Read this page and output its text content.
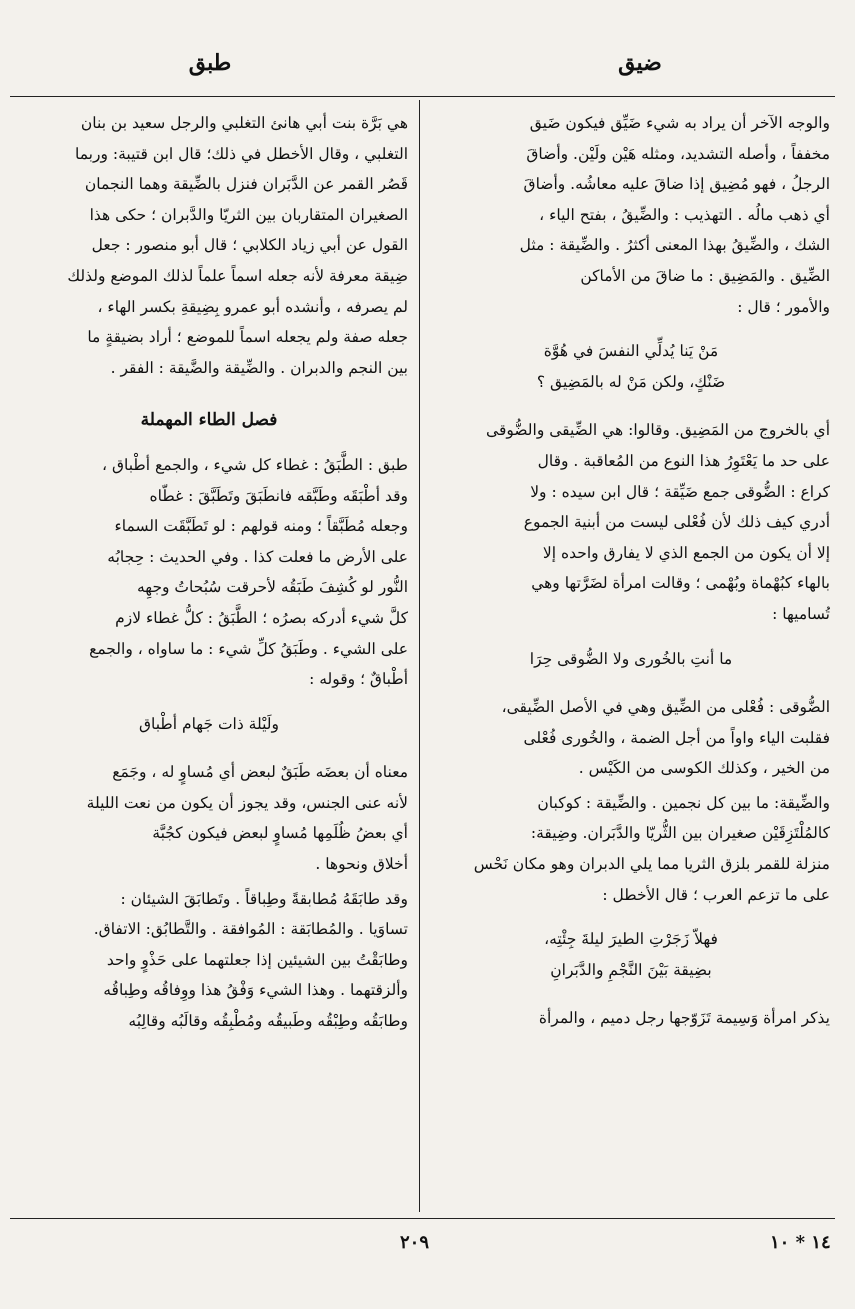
ضيق
طبق

والوجه الآخر أن يراد به شيء ضَيِّق فيكون ضَيق
مخففاً ، وأصله التشديد، ومثله هَيْن ولَيْن. وأضاقَ
الرجلُ ، فهو مُضِيق إذا ضاقَ عليه معاشُه. وأضاقَ
أي ذهب مالُه . التهذيب : والضِّيقُ ، بفتح الياء ،
الشك ، والضِّيقُ بهذا المعنى أكثرُ . والضِّيقة : مثل
الضِّيق . والمَضِيق : ما ضاقَ من الأماكن
والأمور ؛ قال :

مَنْ يَنا يُدلِّي النفسَ في هُوَّة
ضَنْكٍ، ولكن مَنْ له بالمَضِيق ؟

أي بالخروج من المَضِيق. وقالوا: هي الضِّيقى والضُّوقى
على حد ما يَعْتَوِرُ هذا النوع من المُعاقبة . وقال
كراع : الضُّوقى جمع ضَيِّقة ؛ قال ابن سيده : ولا
أدري كيف ذلك لأن فُعْلى ليست من أبنية الجموع
إلا أن يكون من الجمع الذي لا يفارق واحده إلا
بالهاء كبُهْماة وبُهْمى ؛ وقالت امرأة لضَرَّتها وهي
تُساميها :

ما أنتِ بالخُورى ولا الضُّوقى حِرَا

الضُّوقى : فُعْلى من الضِّيق وهي في الأصل الضِّيقى،
فقلبت الياء واواً من أجل الضمة ، والخُورى فُعْلى
من الخير ، وكذلك الكوسى من الكَيْس .

والضِّيقة: ما بين كل نجمين . والضِّيقة : كوكبان
كالمُلْتَزِقَيْن صغيران بين الثُّريّا والدَّبَران. وضِيقة:
منزلة للقمر بلزق الثريا مما يلي الدبران وهو مكان نَحْس
على ما تزعم العرب ؛ قال الأخطل :

فهلاّ زَجَرْتِ الطيرَ ليلةَ جِئْتِه،
بضِيقة بَيْنَ النَّجْمِ والدَّبَرانِ

يذكر امرأة وَسِيمة تَزَوّجها رجل دميم ، والمرأة

هي بَرَّة بنت أبي هانئ التغلبي والرجل سعيد بن بنان
التغلبي ، وقال الأخطل في ذلك؛ قال ابن قتيبة: وربما
قَصُر القمر عن الدَّبَران فنزل بالضِّيقة وهما النجمان
الصغيران المتقاربان بين الثريّا والدَّبران ؛ حكى هذا
القول عن أبي زياد الكلابي ؛ قال أبو منصور : جعل
ضِيقة معرفة لأنه جعله اسماً علماً لذلك الموضع ولذلك
لم يصرفه ، وأنشده أبو عمرو بِضِيقةِ بكسر الهاء ،
جعله صفة ولم يجعله اسماً للموضع ؛ أراد بضيقةٍ ما
بين النجم والدبران . والضِّيقة والضَّيقة : الفقر .

فصل الطاء المهملة

طبق : الطَّبَقُ : غطاء كل شيء ، والجمع أطْباق ،
وقد أطْبَقَه وطَبَّقه فانطَبَقَ وتَطَبَّقَ : غطّاه
وجعله مُطَبَّقاً ؛ ومنه قولهم : لو تَطَبَّقَت السماء
على الأرض ما فعلت كذا . وفي الحديث : حِجابُه
النُّور لو كُشِفَ طَبَقُه لأحرقت سُبُحاتُ وجهِه
كلَّ شيء أدركه بصرُه ؛ الطَّبَقُ : كلُّ غطاء لازم
على الشيء . وطَبَقُ كلِّ شيء : ما ساواه ، والجمع
أطْباقٌ ؛ وقوله :

ولَيْلة ذات جَهام أطْباق

معناه أن بعضَه طَبَقٌ لبعض أي مُساوٍ له ، وجَمَع
لأنه عنى الجنس، وقد يجوز أن يكون من نعت الليلة
أي بعضُ ظُلَمِها مُساوٍ لبعض فيكون كجُبَّة
أخلاق ونحوها .

وقد طابَقَهُ مُطابقةً وطِباقاً . وتَطابَقَ الشيئان :
تساوَيا . والمُطابَقة : المُوافقة . والتَّطابُق: الاتفاق.
وطابَقْتُ بين الشيئين إذا جعلتهما على حَذْوٍ واحد
وألزقتهما . وهذا الشيء وَفْقُ هذا ووِفاقُه وطِباقُه
وطابَقُه وطِبْقُه وطَبيقُه ومُطْبِقُه وقالَبُه وقالِبُه

١٤ * ١٠
٢٠٩
